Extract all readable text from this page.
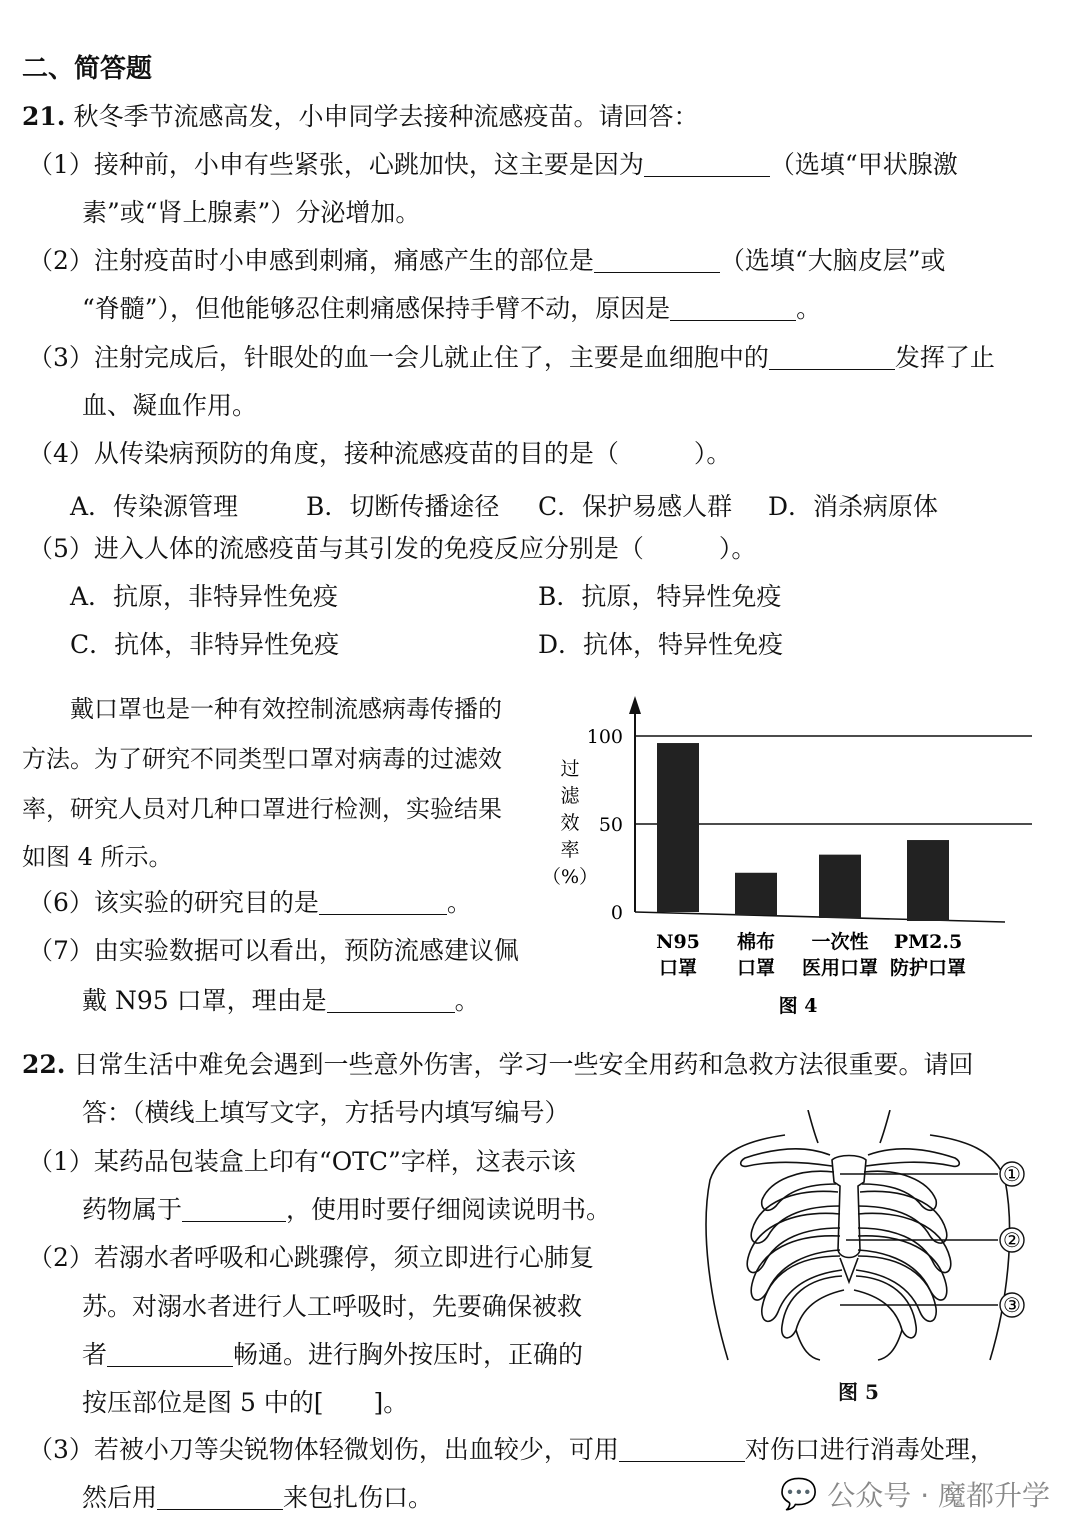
二、简答题
21. 秋冬季节流感高发，小申同学去接种流感疫苗。请回答：
（1）接种前，小申有些紧张，心跳加快，这主要是因为	（选填“甲状腺激
素”或“肾上腺素”）分泌增加。
（2）注射疫苗时小申感到刺痛，痛感产生的部位是	（选填“大脑皮层”或
“脊髓”），但他能够忍住刺痛感保持手臂不动，原因是	。
（3）注射完成后，针眼处的血一会儿就止住了，主要是血细胞中的	发挥了止
血、凝血作用。
（4）从传染病预防的角度，接种流感疫苗的目的是（　　　）。
A．传染源管理	B．切断传播途径 C．保护易感人群 D．消杀病原体
（5）进入人体的流感疫苗与其引发的免疫反应分别是（　　　）。
A．抗原，非特异性免疫	B．抗原，特异性免疫
C．抗体，非特异性免疫	D．抗体，特异性免疫
戴口罩也是一种有效控制流感病毒传播的
方法。为了研究不同类型口罩对病毒的过滤效
率，研究人员对几种口罩进行检测，实验结果
如图 4 所示。
（6）该实验的研究目的是	。
（7）由实验数据可以看出，预防流感建议佩
戴 N95 口罩，理由是	。
0
50
100
过
滤
效
率
（%）
N95
口罩
棉布
口罩
一次性
医用口罩
PM2.5
防护口罩
图 4
22. 日常生活中难免会遇到一些意外伤害，学习一些安全用药和急救方法很重要。请回
答：（横线上填写文字，方括号内填写编号）
（1）某药品包装盒上印有“OTC”字样，这表示该
药物属于	，使用时要仔细阅读说明书。
（2）若溺水者呼吸和心跳骤停，须立即进行心肺复
苏。对溺水者进行人工呼吸时，先要确保被救
者	畅通。进行胸外按压时，正确的
按压部位是图 5 中的[　　]。
（3）若被小刀等尖锐物体轻微划伤，出血较少，可用	对伤口进行消毒处理，
然后用	来包扎伤口。
①
②
③
图 5
💬 公众号 · 魔都升学
